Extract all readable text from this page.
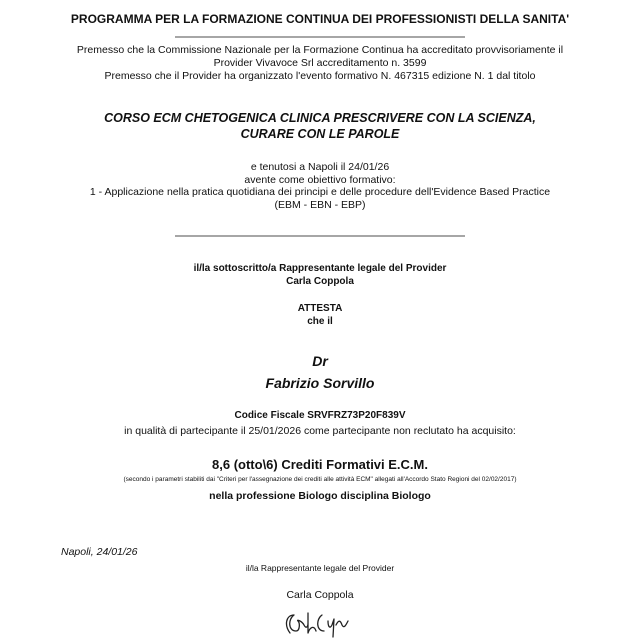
PROGRAMMA PER LA FORMAZIONE CONTINUA DEI PROFESSIONISTI DELLA SANITA'
Premesso che la Commissione Nazionale per la Formazione Continua ha accreditato provvisoriamente il
Provider Vivavoce Srl accreditamento n. 3599
Premesso che il Provider ha organizzato l'evento formativo N. 467315 edizione N. 1 dal titolo
CORSO ECM CHETOGENICA CLINICA PRESCRIVERE CON LA SCIENZA,
CURARE CON LE PAROLE
e tenutosi a Napoli il 24/01/26
avente come obiettivo formativo:
1 - Applicazione nella pratica quotidiana dei principi e delle procedure dell'Evidence Based Practice
(EBM - EBN - EBP)
il/la sottoscritto/a Rappresentante legale del Provider
Carla Coppola
ATTESTA
che il
Dr
Fabrizio Sorvillo
Codice Fiscale SRVFRZ73P20F839V
in qualità di partecipante il 25/01/2026 come partecipante non reclutato ha acquisito:
8,6 (otto\6) Crediti Formativi E.C.M.
(secondo i parametri stabiliti dai "Criteri per l'assegnazione dei crediti alle attività ECM" allegati all'Accordo Stato Regioni del 02/02/2017)
nella professione Biologo disciplina Biologo
Napoli, 24/01/26
il/la Rappresentante legale del Provider
Carla Coppola
